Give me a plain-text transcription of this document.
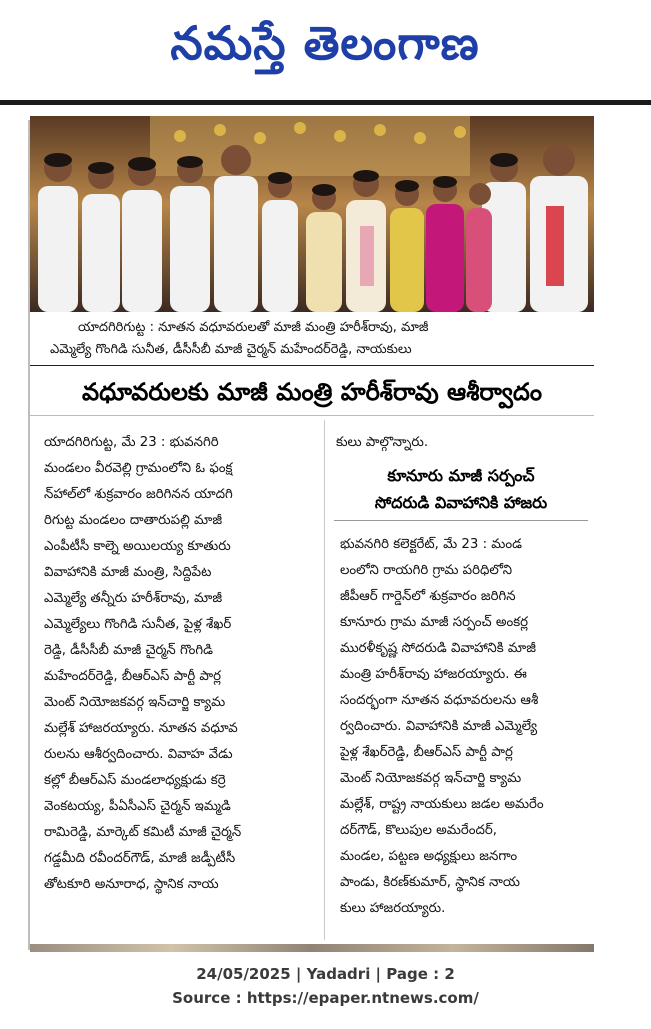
నమస్తే తెలంగాణ
యాదగిరిగుట్ట : నూతన వధూవరులతో మాజీ మంత్రి హరీశ్‌రావు, మాజీ
ఎమ్మెల్యే గొంగిడి సునీత, డీసీసీబీ మాజీ చైర్మన్ మహేందర్‌రెడ్డి, నాయకులు
వధూవరులకు మాజీ మంత్రి హరీశ్‌రావు ఆశీర్వాదం
యాదగిరిగుట్ట, మే 23 : భువనగిరి
మండలం వీరవెల్లి గ్రామంలోని ఓ ఫంక్ష
న్‌హాల్‌లో శుక్రవారం జరిగినన యాదగి
రిగుట్ట మండలం దాతారుపల్లి మాజీ
ఎంపీటీసీ కాల్నె అయిలయ్య కూతురు
వివాహానికి మాజీ మంత్రి, సిద్దిపేట
ఎమ్మెల్యే తన్నీరు హరీశ్‌రావు, మాజీ
ఎమ్మెల్యేలు గొంగిడి సునీత, పైళ్ల శేఖర్
రెడ్డి, డీసీసీబీ మాజీ చైర్మన్ గొంగిడి
మహేందర్‌రెడ్డి, బీఆర్‌ఎస్ పార్టీ పార్ల
మెంట్ నియోజకవర్గ ఇన్‌చార్జి క్యామ
మల్లేశ్ హాజరయ్యారు. నూతన వధూవ
రులను ఆశీర్వదించారు. వివాహ వేడు
కల్లో బీఆర్‌ఎస్ మండలాధ్యక్షుడు కర్రె
వెంకటయ్య, పీఏసీఎస్ చైర్మన్ ఇమ్మడి
రామిరెడ్డి, మార్కెట్ కమిటీ మాజీ చైర్మన్
గడ్డమీది రవీందర్‌గౌడ్, మాజీ జడ్పీటీసీ
తోటకూరి అనూరాధ, స్థానిక నాయ
కులు పాల్గొన్నారు.
కూనూరు మాజీ సర్పంచ్
సోదరుడి వివాహానికి హాజరు
భువనగిరి కలెక్టరేట్, మే 23 : మండ
లంలోని రాయగిరి గ్రామ పరిధిలోని
జీపీఆర్ గార్డెన్‌లో శుక్రవారం జరిగిన
కూనూరు గ్రామ మాజీ సర్పంచ్ అంకర్ల
మురళీకృష్ణ సోదరుడి వివాహానికి మాజీ
మంత్రి హరీశ్‌రావు హాజరయ్యారు. ఈ
సందర్భంగా నూతన వధూవరులను ఆశీ
ర్వదించారు. వివాహానికి మాజీ ఎమ్మెల్యే
పైళ్ల శేఖర్‌రెడ్డి, బీఆర్‌ఎస్ పార్టీ పార్ల
మెంట్ నియోజకవర్గ ఇన్‌చార్జి క్యామ
మల్లేశ్, రాష్ట్ర నాయకులు జడల అమరేం
దర్‌గౌడ్, కొలుపుల అమరేందర్,
మండల, పట్టణ అధ్యక్షులు జనగాం
పాండు, కిరణ్‌కుమార్, స్థానిక నాయ
కులు హాజరయ్యారు.
24/05/2025 | Yadadri | Page : 2
Source : https://epaper.ntnews.com/
